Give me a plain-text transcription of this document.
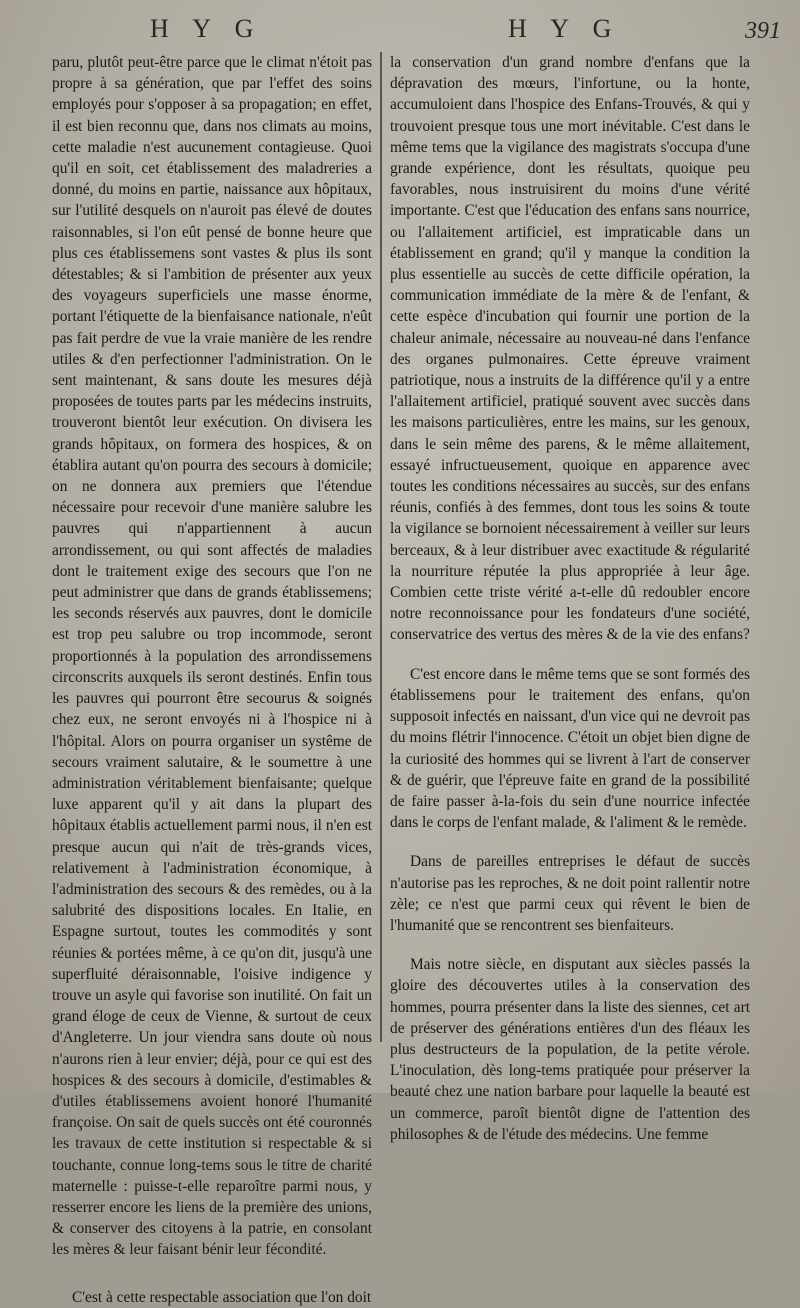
H Y G	H Y G	391

paru, plutôt peut-être parce que le climat n'étoit pas propre à sa génération, que par l'effet des soins employés pour s'opposer à sa propagation; en effet, il est bien reconnu que, dans nos climats au moins, cette maladie n'est aucunement contagieuse. Quoi qu'il en soit, cet établissement des maladreries a donné, du moins en partie, naissance aux hôpitaux, sur l'utilité desquels on n'auroit pas élevé de doutes raisonnables, si l'on eût pensé de bonne heure que plus ces établissemens sont vastes & plus ils sont détestables; & si l'ambition de présenter aux yeux des voyageurs superficiels une masse énorme, portant l'étiquette de la bienfaisance nationale, n'eût pas fait perdre de vue la vraie manière de les rendre utiles & d'en perfectionner l'administration. On le sent maintenant, & sans doute les mesures déjà proposées de toutes parts par les médecins instruits, trouveront bientôt leur exécution. On divisera les grands hôpitaux, on formera des hospices, & on établira autant qu'on pourra des secours à domicile; on ne donnera aux premiers que l'étendue nécessaire pour recevoir d'une manière salubre les pauvres qui n'appartiennent à aucun arrondissement, ou qui sont affectés de maladies dont le traitement exige des secours que l'on ne peut administrer que dans de grands établissemens; les seconds réservés aux pauvres, dont le domicile est trop peu salubre ou trop incommode, seront proportionnés à la population des arrondissemens circonscrits auxquels ils seront destinés. Enfin tous les pauvres qui pourront être secourus & soignés chez eux, ne seront envoyés ni à l'hospice ni à l'hôpital. Alors on pourra organiser un systême de secours vraiment salutaire, & le soumettre à une administration véritablement bienfaisante; quelque luxe apparent qu'il y ait dans la plupart des hôpitaux établis actuellement parmi nous, il n'en est presque aucun qui n'ait de très-grands vices, relativement à l'administration économique, à l'administration des secours & des remèdes, ou à la salubrité des dispositions locales. En Italie, en Espagne surtout, toutes les commodités y sont réunies & portées même, à ce qu'on dit, jusqu'à une superfluité déraisonnable, l'oisive indigence y trouve un asyle qui favorise son inutilité. On fait un grand éloge de ceux de Vienne, & surtout de ceux d'Angleterre. Un jour viendra sans doute où nous n'aurons rien à leur envier; déjà, pour ce qui est des hospices & des secours à domicile, d'estimables & d'utiles établissemens avoient honoré l'humanité françoise. On sait de quels succès ont été couronnés les travaux de cette institution si respectable & si touchante, connue long-tems sous le titre de charité maternelle : puisse-t-elle reparoître parmi nous, y resserrer encore les liens de la première des unions, & conserver des citoyens à la patrie, en consolant les mères & leur faisant bénir leur fécondité.

C'est à cette respectable association que l'on doit

la conservation d'un grand nombre d'enfans que la dépravation des mœurs, l'infortune, ou la honte, accumuloient dans l'hospice des Enfans-Trouvés, & qui y trouvoient presque tous une mort inévitable. C'est dans le même tems que la vigilance des magistrats s'occupa d'une grande expérience, dont les résultats, quoique peu favorables, nous instruisirent du moins d'une vérité importante. C'est que l'éducation des enfans sans nourrice, ou l'allaitement artificiel, est impraticable dans un établissement en grand; qu'il y manque la condition la plus essentielle au succès de cette difficile opération, la communication immédiate de la mère & de l'enfant, & cette espèce d'incubation qui fournir une portion de la chaleur animale, nécessaire au nouveau-né dans l'enfance des organes pulmonaires. Cette épreuve vraiment patriotique, nous a instruits de la différence qu'il y a entre l'allaitement artificiel, pratiqué souvent avec succès dans les maisons particulières, entre les mains, sur les genoux, dans le sein même des parens, & le même allaitement, essayé infructueusement, quoique en apparence avec toutes les conditions nécessaires au succès, sur des enfans réunis, confiés à des femmes, dont tous les soins & toute la vigilance se bornoient nécessairement à veiller sur leurs berceaux, & à leur distribuer avec exactitude & régularité la nourriture réputée la plus appropriée à leur âge. Combien cette triste vérité a-t-elle dû redoubler encore notre reconnoissance pour les fondateurs d'une société, conservatrice des vertus des mères & de la vie des enfans?

C'est encore dans le même tems que se sont formés des établissemens pour le traitement des enfans, qu'on supposoit infectés en naissant, d'un vice qui ne devroit pas du moins flétrir l'innocence. C'étoit un objet bien digne de la curiosité des hommes qui se livrent à l'art de conserver & de guérir, que l'épreuve faite en grand de la possibilité de faire passer à-la-fois du sein d'une nourrice infectée dans le corps de l'enfant malade, & l'aliment & le remède.

Dans de pareilles entreprises le défaut de succès n'autorise pas les reproches, & ne doit point rallentir notre zèle; ce n'est que parmi ceux qui rêvent le bien de l'humanité que se rencontrent ses bienfaiteurs.

Mais notre siècle, en disputant aux siècles passés la gloire des découvertes utiles à la conservation des hommes, pourra présenter dans la liste des siennes, cet art de préserver des générations entières d'un des fléaux les plus destructeurs de la population, de la petite vérole. L'inoculation, dès long-tems pratiquée pour préserver la beauté chez une nation barbare pour laquelle la beauté est un commerce, paroît bientôt digne de l'attention des philosophes & de l'étude des médecins. Une femme
